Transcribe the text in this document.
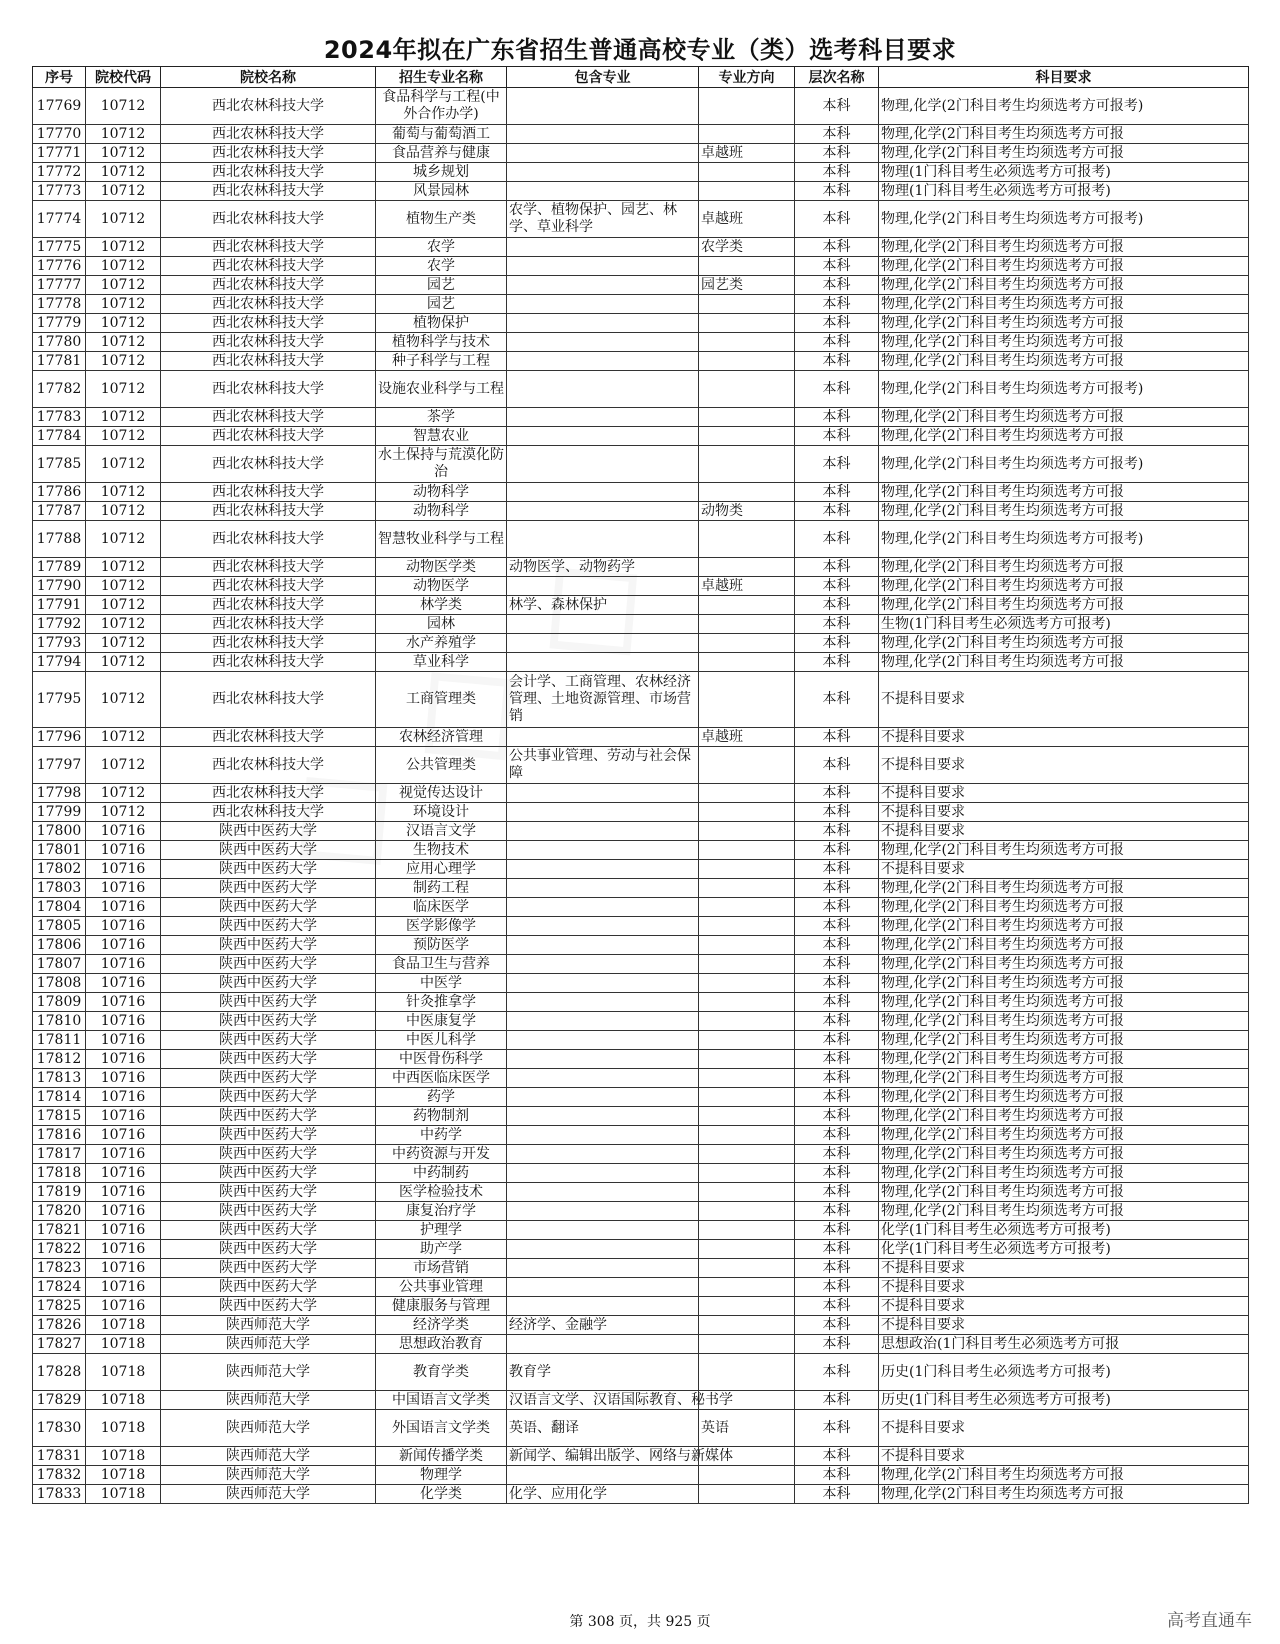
2024年拟在广东省招生普通高校专业（类）选考科目要求
序号	院校代码	院校名称	招生专业名称	包含专业	专业方向	层次名称	科目要求
17769	10712	西北农林科技大学	食品科学与工程(中外合作办学)			本科	物理,化学(2门科目考生均须选考方可报考)
17770	10712	西北农林科技大学	葡萄与葡萄酒工			本科	物理,化学(2门科目考生均须选考方可报
17771	10712	西北农林科技大学	食品营养与健康		卓越班	本科	物理,化学(2门科目考生均须选考方可报
17772	10712	西北农林科技大学	城乡规划			本科	物理(1门科目考生必须选考方可报考)
17773	10712	西北农林科技大学	风景园林			本科	物理(1门科目考生必须选考方可报考)
17774	10712	西北农林科技大学	植物生产类	农学、植物保护、园艺、林学、草业科学	卓越班	本科	物理,化学(2门科目考生均须选考方可报考)
17775	10712	西北农林科技大学	农学		农学类	本科	物理,化学(2门科目考生均须选考方可报
17776	10712	西北农林科技大学	农学			本科	物理,化学(2门科目考生均须选考方可报
17777	10712	西北农林科技大学	园艺		园艺类	本科	物理,化学(2门科目考生均须选考方可报
17778	10712	西北农林科技大学	园艺			本科	物理,化学(2门科目考生均须选考方可报
17779	10712	西北农林科技大学	植物保护			本科	物理,化学(2门科目考生均须选考方可报
17780	10712	西北农林科技大学	植物科学与技术			本科	物理,化学(2门科目考生均须选考方可报
17781	10712	西北农林科技大学	种子科学与工程			本科	物理,化学(2门科目考生均须选考方可报
17782	10712	西北农林科技大学	设施农业科学与工程			本科	物理,化学(2门科目考生均须选考方可报考)
17783	10712	西北农林科技大学	茶学			本科	物理,化学(2门科目考生均须选考方可报
17784	10712	西北农林科技大学	智慧农业			本科	物理,化学(2门科目考生均须选考方可报
17785	10712	西北农林科技大学	水土保持与荒漠化防治			本科	物理,化学(2门科目考生均须选考方可报考)
17786	10712	西北农林科技大学	动物科学			本科	物理,化学(2门科目考生均须选考方可报
17787	10712	西北农林科技大学	动物科学		动物类	本科	物理,化学(2门科目考生均须选考方可报
17788	10712	西北农林科技大学	智慧牧业科学与工程			本科	物理,化学(2门科目考生均须选考方可报考)
17789	10712	西北农林科技大学	动物医学类	动物医学、动物药学		本科	物理,化学(2门科目考生均须选考方可报
17790	10712	西北农林科技大学	动物医学		卓越班	本科	物理,化学(2门科目考生均须选考方可报
17791	10712	西北农林科技大学	林学类	林学、森林保护		本科	物理,化学(2门科目考生均须选考方可报
17792	10712	西北农林科技大学	园林			本科	生物(1门科目考生必须选考方可报考)
17793	10712	西北农林科技大学	水产养殖学			本科	物理,化学(2门科目考生均须选考方可报
17794	10712	西北农林科技大学	草业科学			本科	物理,化学(2门科目考生均须选考方可报
17795	10712	西北农林科技大学	工商管理类	会计学、工商管理、农林经济管理、土地资源管理、市场营销		本科	不提科目要求
17796	10712	西北农林科技大学	农林经济管理		卓越班	本科	不提科目要求
17797	10712	西北农林科技大学	公共管理类	公共事业管理、劳动与社会保障		本科	不提科目要求
17798	10712	西北农林科技大学	视觉传达设计			本科	不提科目要求
17799	10712	西北农林科技大学	环境设计			本科	不提科目要求
17800	10716	陕西中医药大学	汉语言文学			本科	不提科目要求
17801	10716	陕西中医药大学	生物技术			本科	物理,化学(2门科目考生均须选考方可报
17802	10716	陕西中医药大学	应用心理学			本科	不提科目要求
17803	10716	陕西中医药大学	制药工程			本科	物理,化学(2门科目考生均须选考方可报
17804	10716	陕西中医药大学	临床医学			本科	物理,化学(2门科目考生均须选考方可报
17805	10716	陕西中医药大学	医学影像学			本科	物理,化学(2门科目考生均须选考方可报
17806	10716	陕西中医药大学	预防医学			本科	物理,化学(2门科目考生均须选考方可报
17807	10716	陕西中医药大学	食品卫生与营养			本科	物理,化学(2门科目考生均须选考方可报
17808	10716	陕西中医药大学	中医学			本科	物理,化学(2门科目考生均须选考方可报
17809	10716	陕西中医药大学	针灸推拿学			本科	物理,化学(2门科目考生均须选考方可报
17810	10716	陕西中医药大学	中医康复学			本科	物理,化学(2门科目考生均须选考方可报
17811	10716	陕西中医药大学	中医儿科学			本科	物理,化学(2门科目考生均须选考方可报
17812	10716	陕西中医药大学	中医骨伤科学			本科	物理,化学(2门科目考生均须选考方可报
17813	10716	陕西中医药大学	中西医临床医学			本科	物理,化学(2门科目考生均须选考方可报
17814	10716	陕西中医药大学	药学			本科	物理,化学(2门科目考生均须选考方可报
17815	10716	陕西中医药大学	药物制剂			本科	物理,化学(2门科目考生均须选考方可报
17816	10716	陕西中医药大学	中药学			本科	物理,化学(2门科目考生均须选考方可报
17817	10716	陕西中医药大学	中药资源与开发			本科	物理,化学(2门科目考生均须选考方可报
17818	10716	陕西中医药大学	中药制药			本科	物理,化学(2门科目考生均须选考方可报
17819	10716	陕西中医药大学	医学检验技术			本科	物理,化学(2门科目考生均须选考方可报
17820	10716	陕西中医药大学	康复治疗学			本科	物理,化学(2门科目考生均须选考方可报
17821	10716	陕西中医药大学	护理学			本科	化学(1门科目考生必须选考方可报考)
17822	10716	陕西中医药大学	助产学			本科	化学(1门科目考生必须选考方可报考)
17823	10716	陕西中医药大学	市场营销			本科	不提科目要求
17824	10716	陕西中医药大学	公共事业管理			本科	不提科目要求
17825	10716	陕西中医药大学	健康服务与管理			本科	不提科目要求
17826	10718	陕西师范大学	经济学类	经济学、金融学		本科	不提科目要求
17827	10718	陕西师范大学	思想政治教育			本科	思想政治(1门科目考生必须选考方可报
17828	10718	陕西师范大学	教育学类	教育学		本科	历史(1门科目考生必须选考方可报考)
17829	10718	陕西师范大学	中国语言文学类	汉语言文学、汉语国际教育、秘书学		本科	历史(1门科目考生必须选考方可报考)
17830	10718	陕西师范大学	外国语言文学类	英语、翻译	英语	本科	不提科目要求
17831	10718	陕西师范大学	新闻传播学类	新闻学、编辑出版学、网络与新媒体		本科	不提科目要求
17832	10718	陕西师范大学	物理学			本科	物理,化学(2门科目考生均须选考方可报
17833	10718	陕西师范大学	化学类	化学、应用化学		本科	物理,化学(2门科目考生均须选考方可报
第 308 页，共 925 页	高考直通车
